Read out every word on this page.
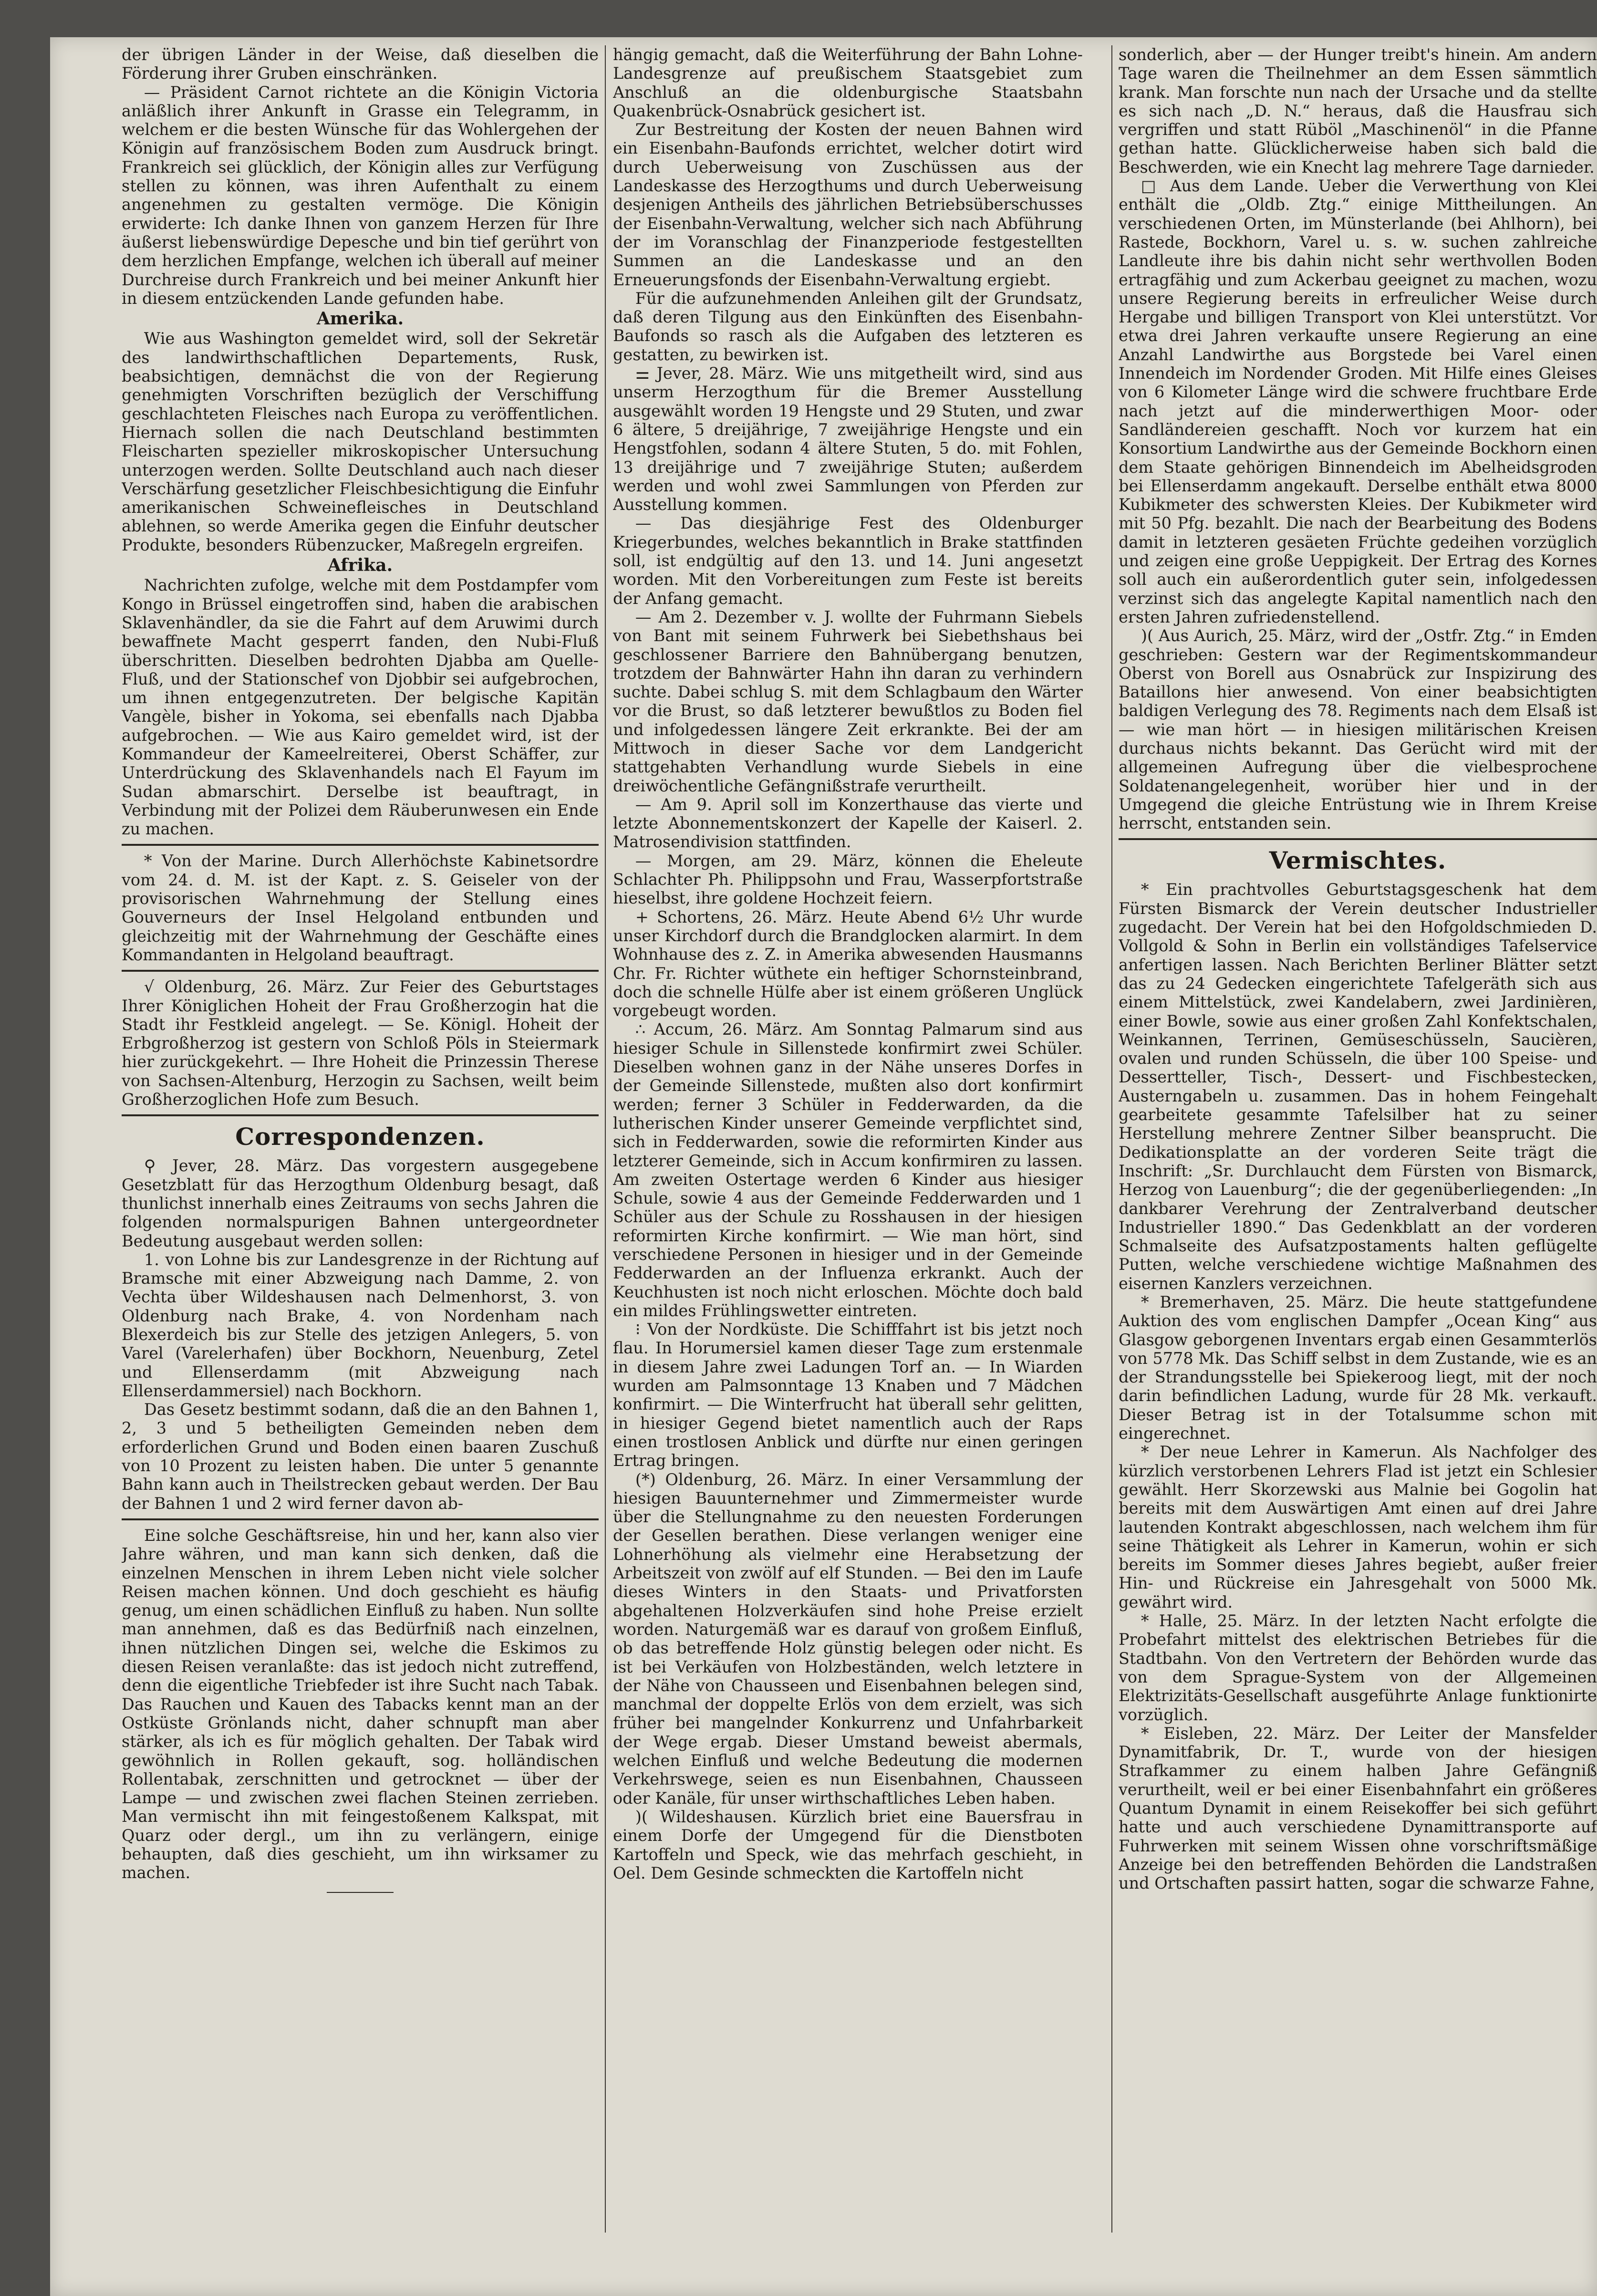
der übrigen Länder in der Weise, daß dieselben die Förderung ihrer Gruben einschränken.

— Präsident Carnot richtete an die Königin Victoria anläßlich ihrer Ankunft in Grasse ein Telegramm, in welchem er die besten Wünsche für das Wohlergehen der Königin auf französischem Boden zum Ausdruck bringt. Frankreich sei glücklich, der Königin alles zur Verfügung stellen zu können, was ihren Aufenthalt zu einem angenehmen zu gestalten vermöge. Die Königin erwiderte: Ich danke Ihnen von ganzem Herzen für Ihre äußerst liebenswürdige Depesche und bin tief gerührt von dem herzlichen Empfange, welchen ich überall auf meiner Durchreise durch Frankreich und bei meiner Ankunft hier in diesem entzückenden Lande gefunden habe.

Amerika.

Wie aus Washington gemeldet wird, soll der Sekretär des landwirthschaftlichen Departements, Rusk, beabsichtigen, demnächst die von der Regierung genehmigten Vorschriften bezüglich der Verschiffung geschlachteten Fleisches nach Europa zu veröffentlichen. Hiernach sollen die nach Deutschland bestimmten Fleischarten spezieller mikroskopischer Untersuchung unterzogen werden. Sollte Deutschland auch nach dieser Verschärfung gesetzlicher Fleischbesichtigung die Einfuhr amerikanischen Schweinefleisches in Deutschland ablehnen, so werde Amerika gegen die Einfuhr deutscher Produkte, besonders Rübenzucker, Maßregeln ergreifen.

Afrika.

Nachrichten zufolge, welche mit dem Postdampfer vom Kongo in Brüssel eingetroffen sind, haben die arabischen Sklavenhändler, da sie die Fahrt auf dem Aruwimi durch bewaffnete Macht gesperrt fanden, den Nubi-Fluß überschritten. Dieselben bedrohten Djabba am Quelle-Fluß, und der Stationschef von Djobbir sei aufgebrochen, um ihnen entgegenzutreten. Der belgische Kapitän Vangèle, bisher in Yokoma, sei ebenfalls nach Djabba aufgebrochen. — Wie aus Kairo gemeldet wird, ist der Kommandeur der Kameelreiterei, Oberst Schäffer, zur Unterdrückung des Sklavenhandels nach El Fayum im Sudan abmarschirt. Derselbe ist beauftragt, in Verbindung mit der Polizei dem Räuberunwesen ein Ende zu machen.

* Von der Marine. Durch Allerhöchste Kabinetsordre vom 24. d. M. ist der Kapt. z. S. Geiseler von der provisorischen Wahrnehmung der Stellung eines Gouverneurs der Insel Helgoland entbunden und gleichzeitig mit der Wahrnehmung der Geschäfte eines Kommandanten in Helgoland beauftragt.

√ Oldenburg, 26. März. Zur Feier des Geburtstages Ihrer Königlichen Hoheit der Frau Großherzogin hat die Stadt ihr Festkleid angelegt. — Se. Königl. Hoheit der Erbgroßherzog ist gestern von Schloß Pöls in Steiermark hier zurückgekehrt. — Ihre Hoheit die Prinzessin Therese von Sachsen-Altenburg, Herzogin zu Sachsen, weilt beim Großherzoglichen Hofe zum Besuch.

Correspondenzen.

⚲ Jever, 28. März. Das vorgestern ausgegebene Gesetzblatt für das Herzogthum Oldenburg besagt, daß thunlichst innerhalb eines Zeitraums von sechs Jahren die folgenden normalspurigen Bahnen untergeordneter Bedeutung ausgebaut werden sollen:

1. von Lohne bis zur Landesgrenze in der Richtung auf Bramsche mit einer Abzweigung nach Damme, 2. von Vechta über Wildeshausen nach Delmenhorst, 3. von Oldenburg nach Brake, 4. von Nordenham nach Blexerdeich bis zur Stelle des jetzigen Anlegers, 5. von Varel (Varelerhafen) über Bockhorn, Neuenburg, Zetel und Ellenserdamm (mit Abzweigung nach Ellenserdammersiel) nach Bockhorn.

Das Gesetz bestimmt sodann, daß die an den Bahnen 1, 2, 3 und 5 betheiligten Gemeinden neben dem erforderlichen Grund und Boden einen baaren Zuschuß von 10 Prozent zu leisten haben. Die unter 5 genannte Bahn kann auch in Theilstrecken gebaut werden. Der Bau der Bahnen 1 und 2 wird ferner davon ab-

Eine solche Geschäftsreise, hin und her, kann also vier Jahre währen, und man kann sich denken, daß die einzelnen Menschen in ihrem Leben nicht viele solcher Reisen machen können. Und doch geschieht es häufig genug, um einen schädlichen Einfluß zu haben. Nun sollte man annehmen, daß es das Bedürfniß nach einzelnen, ihnen nützlichen Dingen sei, welche die Eskimos zu diesen Reisen veranlaßte: das ist jedoch nicht zutreffend, denn die eigentliche Triebfeder ist ihre Sucht nach Tabak. Das Rauchen und Kauen des Tabacks kennt man an der Ostküste Grönlands nicht, daher schnupft man aber stärker, als ich es für möglich gehalten. Der Tabak wird gewöhnlich in Rollen gekauft, sog. holländischen Rollentabak, zerschnitten und getrocknet — über der Lampe — und zwischen zwei flachen Steinen zerrieben. Man vermischt ihn mit feingestoßenem Kalkspat, mit Quarz oder dergl., um ihn zu verlängern, einige behaupten, daß dies geschieht, um ihn wirksamer zu machen.

hängig gemacht, daß die Weiterführung der Bahn Lohne-Landesgrenze auf preußischem Staatsgebiet zum Anschluß an die oldenburgische Staatsbahn Quakenbrück-Osnabrück gesichert ist.

Zur Bestreitung der Kosten der neuen Bahnen wird ein Eisenbahn-Baufonds errichtet, welcher dotirt wird durch Ueberweisung von Zuschüssen aus der Landeskasse des Herzogthums und durch Ueberweisung desjenigen Antheils des jährlichen Betriebsüberschusses der Eisenbahn-Verwaltung, welcher sich nach Abführung der im Voranschlag der Finanzperiode festgestellten Summen an die Landeskasse und an den Erneuerungsfonds der Eisenbahn-Verwaltung ergiebt.

Für die aufzunehmenden Anleihen gilt der Grundsatz, daß deren Tilgung aus den Einkünften des Eisenbahn-Baufonds so rasch als die Aufgaben des letzteren es gestatten, zu bewirken ist.

⚌ Jever, 28. März. Wie uns mitgetheilt wird, sind aus unserm Herzogthum für die Bremer Ausstellung ausgewählt worden 19 Hengste und 29 Stuten, und zwar 6 ältere, 5 dreijährige, 7 zweijährige Hengste und ein Hengstfohlen, sodann 4 ältere Stuten, 5 do. mit Fohlen, 13 dreijährige und 7 zweijährige Stuten; außerdem werden und wohl zwei Sammlungen von Pferden zur Ausstellung kommen.

— Das diesjährige Fest des Oldenburger Kriegerbundes, welches bekanntlich in Brake stattfinden soll, ist endgültig auf den 13. und 14. Juni angesetzt worden. Mit den Vorbereitungen zum Feste ist bereits der Anfang gemacht.

— Am 2. Dezember v. J. wollte der Fuhrmann Siebels von Bant mit seinem Fuhrwerk bei Siebethshaus bei geschlossener Barriere den Bahnübergang benutzen, trotzdem der Bahnwärter Hahn ihn daran zu verhindern suchte. Dabei schlug S. mit dem Schlagbaum den Wärter vor die Brust, so daß letzterer bewußtlos zu Boden fiel und infolgedessen längere Zeit erkrankte. Bei der am Mittwoch in dieser Sache vor dem Landgericht stattgehabten Verhandlung wurde Siebels in eine dreiwöchentliche Gefängnißstrafe verurtheilt.

— Am 9. April soll im Konzerthause das vierte und letzte Abonnementskonzert der Kapelle der Kaiserl. 2. Matrosendivision stattfinden.

— Morgen, am 29. März, können die Eheleute Schlachter Ph. Philippsohn und Frau, Wasserpfortstraße hieselbst, ihre goldene Hochzeit feiern.

+ Schortens, 26. März. Heute Abend 6½ Uhr wurde unser Kirchdorf durch die Brandglocken alarmirt. In dem Wohnhause des z. Z. in Amerika abwesenden Hausmanns Chr. Fr. Richter wüthete ein heftiger Schornsteinbrand, doch die schnelle Hülfe aber ist einem größeren Unglück vorgebeugt worden.

∴ Accum, 26. März. Am Sonntag Palmarum sind aus hiesiger Schule in Sillenstede konfirmirt zwei Schüler. Dieselben wohnen ganz in der Nähe unseres Dorfes in der Gemeinde Sillenstede, mußten also dort konfirmirt werden; ferner 3 Schüler in Fedderwarden, da die lutherischen Kinder unserer Gemeinde verpflichtet sind, sich in Fedderwarden, sowie die reformirten Kinder aus letzterer Gemeinde, sich in Accum konfirmiren zu lassen. Am zweiten Ostertage werden 6 Kinder aus hiesiger Schule, sowie 4 aus der Gemeinde Fedderwarden und 1 Schüler aus der Schule zu Rosshausen in der hiesigen reformirten Kirche konfirmirt. — Wie man hört, sind verschiedene Personen in hiesiger und in der Gemeinde Fedderwarden an der Influenza erkrankt. Auch der Keuchhusten ist noch nicht erloschen. Möchte doch bald ein mildes Frühlingswetter eintreten.

⁝ Von der Nordküste. Die Schifffahrt ist bis jetzt noch flau. In Horumersiel kamen dieser Tage zum erstenmale in diesem Jahre zwei Ladungen Torf an. — In Wiarden wurden am Palmsonntage 13 Knaben und 7 Mädchen konfirmirt. — Die Winterfrucht hat überall sehr gelitten, in hiesiger Gegend bietet namentlich auch der Raps einen trostlosen Anblick und dürfte nur einen geringen Ertrag bringen.

(*) Oldenburg, 26. März. In einer Versammlung der hiesigen Bauunternehmer und Zimmermeister wurde über die Stellungnahme zu den neuesten Forderungen der Gesellen berathen. Diese verlangen weniger eine Lohnerhöhung als vielmehr eine Herabsetzung der Arbeitszeit von zwölf auf elf Stunden. — Bei den im Laufe dieses Winters in den Staats- und Privatforsten abgehaltenen Holzverkäufen sind hohe Preise erzielt worden. Naturgemäß war es darauf von großem Einfluß, ob das betreffende Holz günstig belegen oder nicht. Es ist bei Verkäufen von Holzbeständen, welch letztere in der Nähe von Chausseen und Eisenbahnen belegen sind, manchmal der doppelte Erlös von dem erzielt, was sich früher bei mangelnder Konkurrenz und Unfahrbarkeit der Wege ergab. Dieser Umstand beweist abermals, welchen Einfluß und welche Bedeutung die modernen Verkehrswege, seien es nun Eisenbahnen, Chausseen oder Kanäle, für unser wirthschaftliches Leben haben.

)( Wildeshausen. Kürzlich briet eine Bauersfrau in einem Dorfe der Umgegend für die Dienstboten Kartoffeln und Speck, wie das mehrfach geschieht, in Oel. Dem Gesinde schmeckten die Kartoffeln nicht

sonderlich, aber — der Hunger treibt's hinein. Am andern Tage waren die Theilnehmer an dem Essen sämmtlich krank. Man forschte nun nach der Ursache und da stellte es sich nach „D. N.“ heraus, daß die Hausfrau sich vergriffen und statt Rüböl „Maschinenöl“ in die Pfanne gethan hatte. Glücklicherweise haben sich bald die Beschwerden, wie ein Knecht lag mehrere Tage darnieder.

□ Aus dem Lande. Ueber die Verwerthung von Klei enthält die „Oldb. Ztg.“ einige Mittheilungen. An verschiedenen Orten, im Münsterlande (bei Ahlhorn), bei Rastede, Bockhorn, Varel u. s. w. suchen zahlreiche Landleute ihre bis dahin nicht sehr werthvollen Boden ertragfähig und zum Ackerbau geeignet zu machen, wozu unsere Regierung bereits in erfreulicher Weise durch Hergabe und billigen Transport von Klei unterstützt. Vor etwa drei Jahren verkaufte unsere Regierung an eine Anzahl Landwirthe aus Borgstede bei Varel einen Innendeich im Nordender Groden. Mit Hilfe eines Gleises von 6 Kilometer Länge wird die schwere fruchtbare Erde nach jetzt auf die minderwerthigen Moor- oder Sandländereien geschafft. Noch vor kurzem hat ein Konsortium Landwirthe aus der Gemeinde Bockhorn einen dem Staate gehörigen Binnendeich im Abelheidsgroden bei Ellenserdamm angekauft. Derselbe enthält etwa 8000 Kubikmeter des schwersten Kleies. Der Kubikmeter wird mit 50 Pfg. bezahlt. Die nach der Bearbeitung des Bodens damit in letzteren gesäeten Früchte gedeihen vorzüglich und zeigen eine große Ueppigkeit. Der Ertrag des Kornes soll auch ein außerordentlich guter sein, infolgedessen verzinst sich das angelegte Kapital namentlich nach den ersten Jahren zufriedenstellend.

)( Aus Aurich, 25. März, wird der „Ostfr. Ztg.“ in Emden geschrieben: Gestern war der Regimentskommandeur Oberst von Borell aus Osnabrück zur Inspizirung des Bataillons hier anwesend. Von einer beabsichtigten baldigen Verlegung des 78. Regiments nach dem Elsaß ist — wie man hört — in hiesigen militärischen Kreisen durchaus nichts bekannt. Das Gerücht wird mit der allgemeinen Aufregung über die vielbesprochene Soldatenangelegenheit, worüber hier und in der Umgegend die gleiche Entrüstung wie in Ihrem Kreise herrscht, entstanden sein.

Vermischtes.

* Ein prachtvolles Geburtstagsgeschenk hat dem Fürsten Bismarck der Verein deutscher Industrieller zugedacht. Der Verein hat bei den Hofgoldschmieden D. Vollgold & Sohn in Berlin ein vollständiges Tafelservice anfertigen lassen. Nach Berichten Berliner Blätter setzt das zu 24 Gedecken eingerichtete Tafelgeräth sich aus einem Mittelstück, zwei Kandelabern, zwei Jardinièren, einer Bowle, sowie aus einer großen Zahl Konfektschalen, Weinkannen, Terrinen, Gemüseschüsseln, Saucièren, ovalen und runden Schüsseln, die über 100 Speise- und Dessertteller, Tisch-, Dessert- und Fischbestecken, Austerngabeln u. zusammen. Das in hohem Feingehalt gearbeitete gesammte Tafelsilber hat zu seiner Herstellung mehrere Zentner Silber beansprucht. Die Dedikationsplatte an der vorderen Seite trägt die Inschrift: „Sr. Durchlaucht dem Fürsten von Bismarck, Herzog von Lauenburg“; die der gegenüberliegenden: „In dankbarer Verehrung der Zentralverband deutscher Industrieller 1890.“ Das Gedenkblatt an der vorderen Schmalseite des Aufsatzpostaments halten geflügelte Putten, welche verschiedene wichtige Maßnahmen des eisernen Kanzlers verzeichnen.

* Bremerhaven, 25. März. Die heute stattgefundene Auktion des vom englischen Dampfer „Ocean King“ aus Glasgow geborgenen Inventars ergab einen Gesammterlös von 5778 Mk. Das Schiff selbst in dem Zustande, wie es an der Strandungsstelle bei Spiekeroog liegt, mit der noch darin befindlichen Ladung, wurde für 28 Mk. verkauft. Dieser Betrag ist in der Totalsumme schon mit eingerechnet.

* Der neue Lehrer in Kamerun. Als Nachfolger des kürzlich verstorbenen Lehrers Flad ist jetzt ein Schlesier gewählt. Herr Skorzewski aus Malnie bei Gogolin hat bereits mit dem Auswärtigen Amt einen auf drei Jahre lautenden Kontrakt abgeschlossen, nach welchem ihm für seine Thätigkeit als Lehrer in Kamerun, wohin er sich bereits im Sommer dieses Jahres begiebt, außer freier Hin- und Rückreise ein Jahresgehalt von 5000 Mk. gewährt wird.

* Halle, 25. März. In der letzten Nacht erfolgte die Probefahrt mittelst des elektrischen Betriebes für die Stadtbahn. Von den Vertretern der Behörden wurde das von dem Sprague-System von der Allgemeinen Elektrizitäts-Gesellschaft ausgeführte Anlage funktionirte vorzüglich.

* Eisleben, 22. März. Der Leiter der Mansfelder Dynamitfabrik, Dr. T., wurde von der hiesigen Strafkammer zu einem halben Jahre Gefängniß verurtheilt, weil er bei einer Eisenbahnfahrt ein größeres Quantum Dynamit in einem Reisekoffer bei sich geführt hatte und auch verschiedene Dynamittransporte auf Fuhrwerken mit seinem Wissen ohne vorschriftsmäßige Anzeige bei den betreffenden Behörden die Landstraßen und Ortschaften passirt hatten, sogar die schwarze Fahne,
